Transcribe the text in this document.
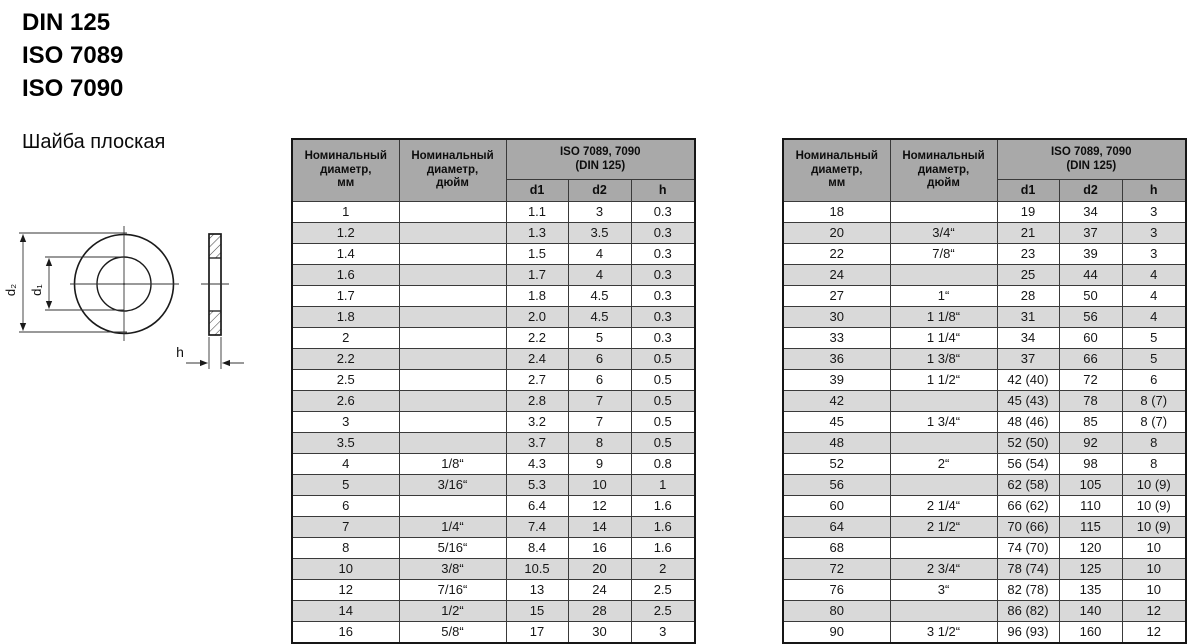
DIN 125
ISO 7089
ISO 7090
Шайба плоская
d₂ d₁
h
Номинальный
диаметр,
мм	Номинальный
диаметр,
дюйм	ISO 7089, 7090
(DIN 125)		
		d1	d2	h
1		1.1	3	0.3
1.2		1.3	3.5	0.3
1.4		1.5	4	0.3
1.6		1.7	4	0.3
1.7		1.8	4.5	0.3
1.8		2.0	4.5	0.3
2		2.2	5	0.3
2.2		2.4	6	0.5
2.5		2.7	6	0.5
2.6		2.8	7	0.5
3		3.2	7	0.5
3.5		3.7	8	0.5
4	1/8“	4.3	9	0.8
5	3/16“	5.3	10	1
6		6.4	12	1.6
7	1/4“	7.4	14	1.6
8	5/16“	8.4	16	1.6
10	3/8“	10.5	20	2
12	7/16“	13	24	2.5
14	1/2“	15	28	2.5
16	5/8“	17	30	3
Номинальный
диаметр,
мм	Номинальный
диаметр,
дюйм	ISO 7089, 7090
(DIN 125)		
		d1	d2	h
18		19	34	3
20	3/4“	21	37	3
22	7/8“	23	39	3
24		25	44	4
27	1“	28	50	4
30	1 1/8“	31	56	4
33	1 1/4“	34	60	5
36	1 3/8“	37	66	5
39	1 1/2“	42 (40)	72	6
42		45 (43)	78	8 (7)
45	1 3/4“	48 (46)	85	8 (7)
48		52 (50)	92	8
52	2“	56 (54)	98	8
56		62 (58)	105	10 (9)
60	2 1/4“	66 (62)	110	10 (9)
64	2 1/2“	70 (66)	115	10 (9)
68		74 (70)	120	10
72	2 3/4“	78 (74)	125	10
76	3“	82 (78)	135	10
80		86 (82)	140	12
90	3 1/2“	96 (93)	160	12
